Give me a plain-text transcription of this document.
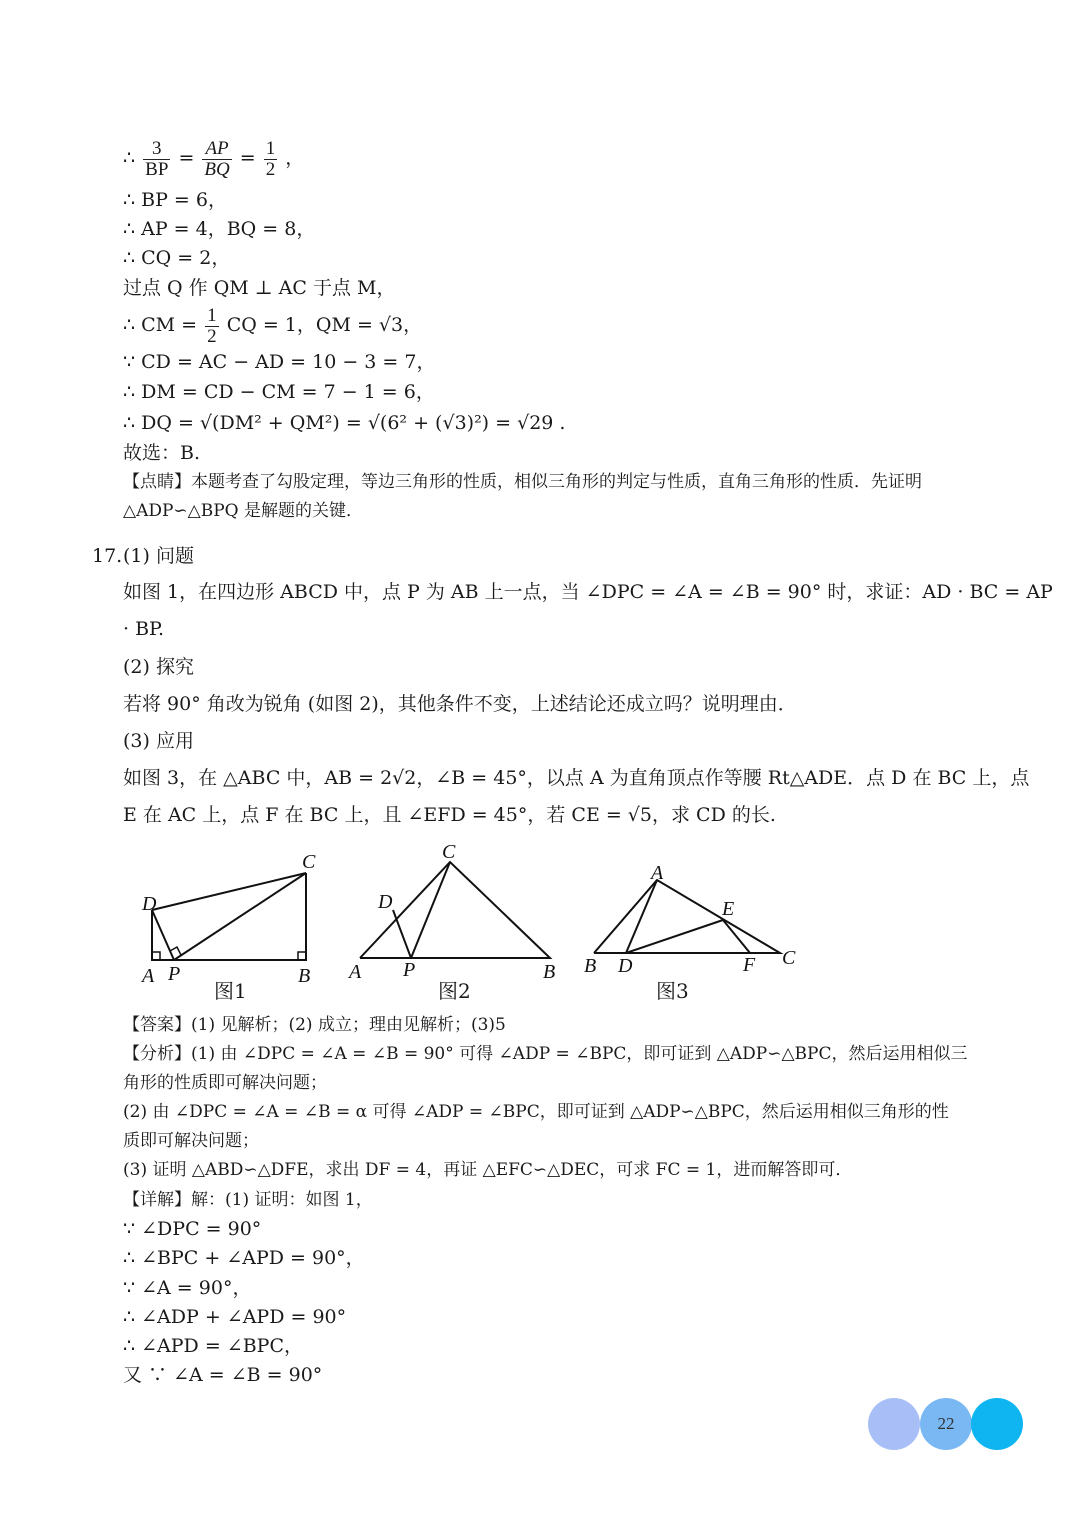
∴ $\frac{3}{BP} = \frac{AP}{BQ} = \frac{1}{2}$ ，
∴ BP = 6，
∴ AP = 4，BQ = 8，
∴ CQ = 2，
过点 Q 作 QM ⊥ AC 于点 M，
∴ CM = $\frac{1}{2}$ CQ = 1，QM = √3，
∵ CD = AC − AD = 10 − 3 = 7，
∴ DM = CD − CM = 7 − 1 = 6，
∴ DQ = √(DM² + QM²) = √(6² + (√3)²) = √29 .
故选：B.
【点睛】本题考查了勾股定理，等边三角形的性质，相似三角形的判定与性质，直角三角形的性质．先证明
△ADP∽△BPQ 是解题的关键．
17. (1) 问题
如图 1，在四边形 ABCD 中，点 P 为 AB 上一点，当 ∠DPC = ∠A = ∠B = 90° 时，求证：AD · BC = AP
· BP.
(2) 探究
若将 90° 角改为锐角 (如图 2)，其他条件不变，上述结论还成立吗？说明理由．
(3) 应用
如图 3，在 △ABC 中，AB = 2√2，∠B = 45°，以点 A 为直角顶点作等腰 Rt△ADE．点 D 在 BC 上，点
E 在 AC 上，点 F 在 BC 上，且 ∠EFD = 45°，若 CE = √5，求 CD 的长.
D
C
A P	B
图1
C
D
A P	B
图2
A
E
B D	F C
图3
【答案】(1) 见解析；(2) 成立；理由见解析；(3)5
【分析】(1) 由 ∠DPC = ∠A = ∠B = 90° 可得 ∠ADP = ∠BPC，即可证到 △ADP∽△BPC，然后运用相似三
角形的性质即可解决问题；
(2) 由 ∠DPC = ∠A = ∠B = α 可得 ∠ADP = ∠BPC，即可证到 △ADP∽△BPC，然后运用相似三角形的性
质即可解决问题；
(3) 证明 △ABD∽△DFE，求出 DF = 4，再证 △EFC∽△DEC，可求 FC = 1，进而解答即可．
【详解】解：(1) 证明：如图 1，
∵ ∠DPC = 90°
∴ ∠BPC + ∠APD = 90°，
∵ ∠A = 90°，
∴ ∠ADP + ∠APD = 90°
∴ ∠APD = ∠BPC，
又 ∵ ∠A = ∠B = 90°
22
